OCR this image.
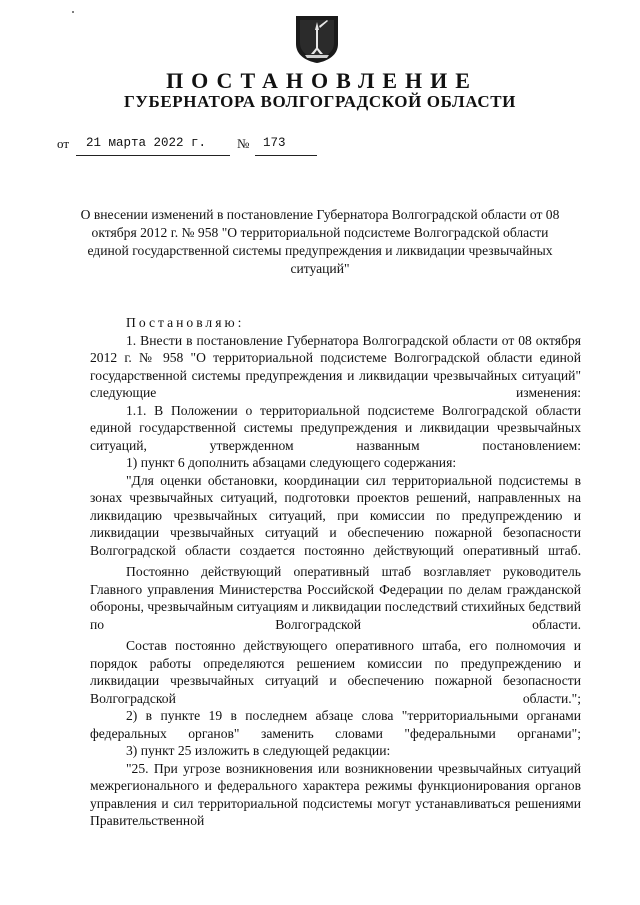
ПОСТАНОВЛЕНИЕ
ГУБЕРНАТОРА ВОЛГОГРАДСКОЙ ОБЛАСТИ
от	21 марта 2022 г.	№	173
О внесении изменений в постановление Губернатора Волгоградской области от 08 октября 2012 г. № 958 "О территориальной подсистеме Волгоградской области единой государственной системы предупреждения и ликвидации чрезвычайных ситуаций"

Постановляю:

1. Внести в постановление Губернатора Волгоградской области от 08 октября 2012 г. № 958 "О территориальной подсистеме Волгоградской области единой государственной системы предупреждения и ликвидации чрезвычайных ситуаций" следующие изменения:

1.1. В Положении о территориальной подсистеме Волгоградской области единой государственной системы предупреждения и ликвидации чрезвычайных ситуаций, утвержденном названным постановлением:

1) пункт 6 дополнить абзацами следующего содержания:

"Для оценки обстановки, координации сил территориальной подсистемы в зонах чрезвычайных ситуаций, подготовки проектов решений, направленных на ликвидацию чрезвычайных ситуаций, при комиссии по предупреждению и ликвидации чрезвычайных ситуаций и обеспечению пожарной безопасности Волгоградской области создается постоянно действующий оперативный штаб.

Постоянно действующий оперативный штаб возглавляет руководитель Главного управления Министерства Российской Федерации по делам гражданской обороны, чрезвычайным ситуациям и ликвидации последствий стихийных бедствий по Волгоградской области.

Состав постоянно действующего оперативного штаба, его полномочия и порядок работы определяются решением комиссии по предупреждению и ликвидации чрезвычайных ситуаций и обеспечению пожарной безопасности Волгоградской области.";

2) в пункте 19 в последнем абзаце слова "территориальными органами федеральных органов" заменить словами "федеральными органами";

3) пункт 25 изложить в следующей редакции:

"25. При угрозе возникновения или возникновении чрезвычайных ситуаций межрегионального и федерального характера режимы функционирования органов управления и сил территориальной подсистемы могут устанавливаться решениями Правительственной
